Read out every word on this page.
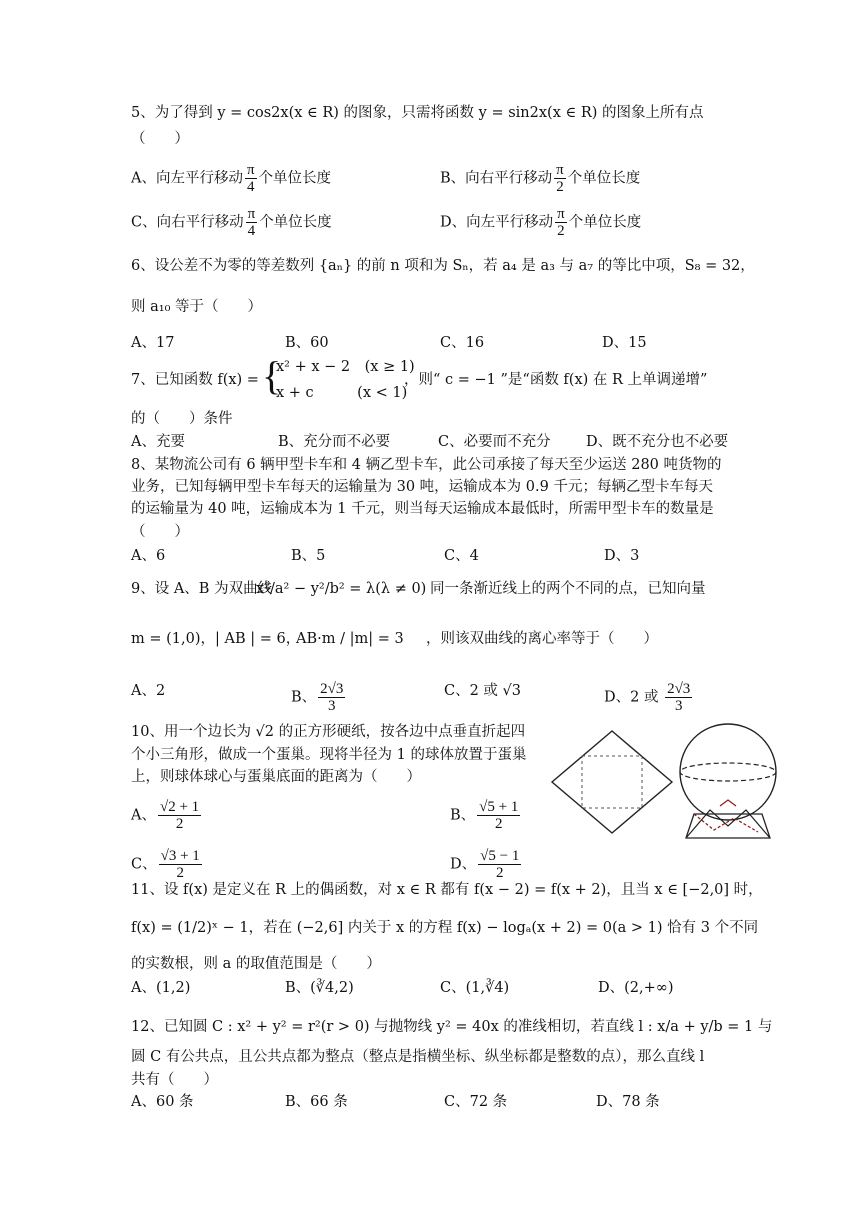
5、为了得到 y = cos2x(x ∈ R) 的图象，只需将函数 y = sin2x(x ∈ R) 的图象上所有点
（　　）
A、向左平行移动 $\frac{\pi}{4}$ 个单位长度	B、向右平行移动 $\frac{\pi}{2}$ 个单位长度
C、向右平行移动 $\frac{\pi}{4}$ 个单位长度	D、向左平行移动 $\frac{\pi}{2}$ 个单位长度
6、设公差不为零的等差数列 {aₙ} 的前 n 项和为 Sₙ，若 a₄ 是 a₃ 与 a₇ 的等比中项，S₈ = 32，
则 a₁₀ 等于（　　）
A、17	B、60	C、16	D、15
7、已知函数 f(x) = {
x² + x − 2　(x ≥ 1)
x + c　　　(x < 1)
，则“ c = −1 ”是“函数 f(x) 在 R 上单调递增”
的（　　）条件
A、充要	B、充分而不必要	C、必要而不充分 D、既不充分也不必要
8、某物流公司有 6 辆甲型卡车和 4 辆乙型卡车，此公司承接了每天至少运送 280 吨货物的
业务，已知每辆甲型卡车每天的运输量为 30 吨，运输成本为 0.9 千元；每辆乙型卡车每天
的运输量为 40 吨，运输成本为 1 千元，则当每天运输成本最低时，所需甲型卡车的数量是
（　　）
A、6	B、5	C、4	D、3
9、设 A、B 为双曲线
x²/a² − y²/b² = λ(λ ≠ 0) 同一条渐近线上的两个不同的点，已知向量
m = (1,0)，| AB | = 6，
AB·m / |m| = 3 ，则该双曲线的离心率等于（　　）
A、2	B、 $\frac{2√3}{3}$	C、2 或 √3	D、2 或 $\frac{2√3}{3}$
10、用一个边长为 √2 的正方形硬纸，按各边中点垂直折起四
个小三角形，做成一个蛋巢。现将半径为 1 的球体放置于蛋巢
上，则球体球心与蛋巢底面的距离为（　　）
A、 $\frac{√2 + 1}{2}$	B、 $\frac{√5 + 1}{2}$
C、 $\frac{√3 + 1}{2}$	D、 $\frac{√5 - 1}{2}$
11、设 f(x) 是定义在 R 上的偶函数，对 x ∈ R 都有 f(x − 2) = f(x + 2)，且当 x ∈ [−2,0] 时，
f(x) = (1/2)ˣ − 1，若在 (−2,6] 内关于 x 的方程 f(x) − logₐ(x + 2) = 0(a > 1) 恰有 3 个不同
的实数根，则 a 的取值范围是（　　）
A、(1,2)	B、(∛4,2)	C、(1,∛4)	D、(2,+∞)
12、已知圆 C : x² + y² = r²(r > 0) 与抛物线 y² = 40x 的准线相切，若直线 l : x/a + y/b = 1 与
圆 C 有公共点，且公共点都为整点（整点是指横坐标、纵坐标都是整数的点），那么直线 l
共有（　　）
A、60 条	B、66 条	C、72 条	D、78 条
